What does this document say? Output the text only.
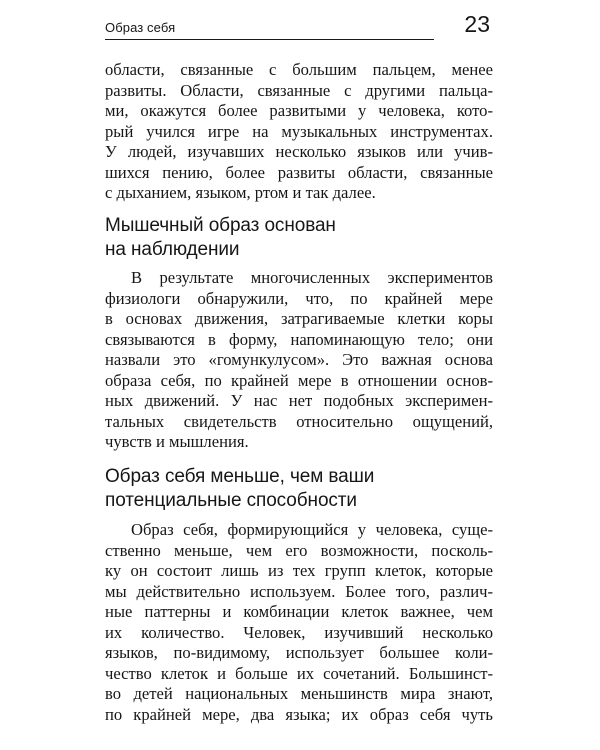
Образ себя	23
области, связанные с большим пальцем, менее
развиты. Области, связанные с другими пальца-
ми, окажутся более развитыми у человека, кото-
рый учился игре на музыкальных инструментах.
У людей, изучавших несколько языков или учив-
шихся пению, более развиты области, связанные
с дыханием, языком, ртом и так далее.
Мышечный образ основан
на наблюдении
В результате многочисленных экспериментов
физиологи обнаружили, что, по крайней мере
в основах движения, затрагиваемые клетки коры
связываются в форму, напоминающую тело; они
назвали это «гомункулусом». Это важная основа
образа себя, по крайней мере в отношении основ-
ных движений. У нас нет подобных эксперимен-
тальных свидетельств относительно ощущений,
чувств и мышления.
Образ себя меньше, чем ваши
потенциальные способности
Образ себя, формирующийся у человека, суще-
ственно меньше, чем его возможности, посколь-
ку он состоит лишь из тех групп клеток, которые
мы действительно используем. Более того, различ-
ные паттерны и комбинации клеток важнее, чем
их количество. Человек, изучивший несколько
языков, по-видимому, использует большее коли-
чество клеток и больше их сочетаний. Большинст-
во детей национальных меньшинств мира знают,
по крайней мере, два языка; их образ себя чуть
